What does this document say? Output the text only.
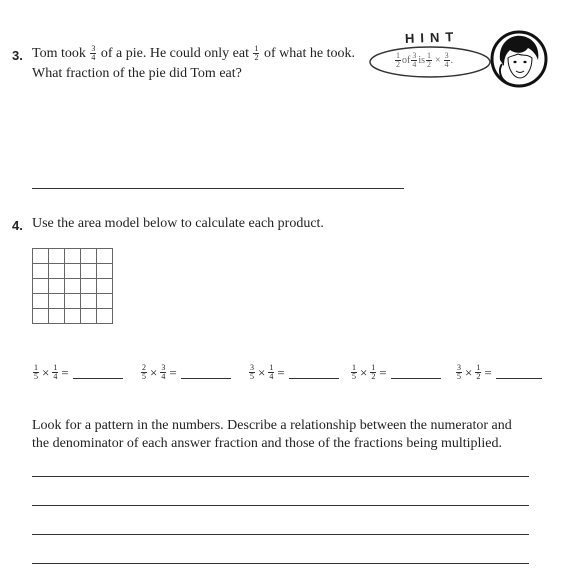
3. Tom took $\frac{3}{4}$ of a pie. He could only eat $\frac{1}{2}$ of what he took.
What fraction of the pie did Tom eat?
HINT
$\frac{1}{2}$ of $\frac{3}{4}$ is $\frac{1}{2} \times \frac{3}{4}$ .
4. Use the area model below to calculate each product.

$\frac{1}{5} \times \frac{1}{4}$ =	$\frac{2}{5} \times \frac{3}{4}$ =	$\frac{3}{5} \times \frac{1}{4}$ =	$\frac{1}{5} \times \frac{1}{2}$ =	$\frac{3}{5} \times \frac{1}{2}$ =
Look for a pattern in the numbers. Describe a relationship between the numerator and
the denominator of each answer fraction and those of the fractions being multiplied.
